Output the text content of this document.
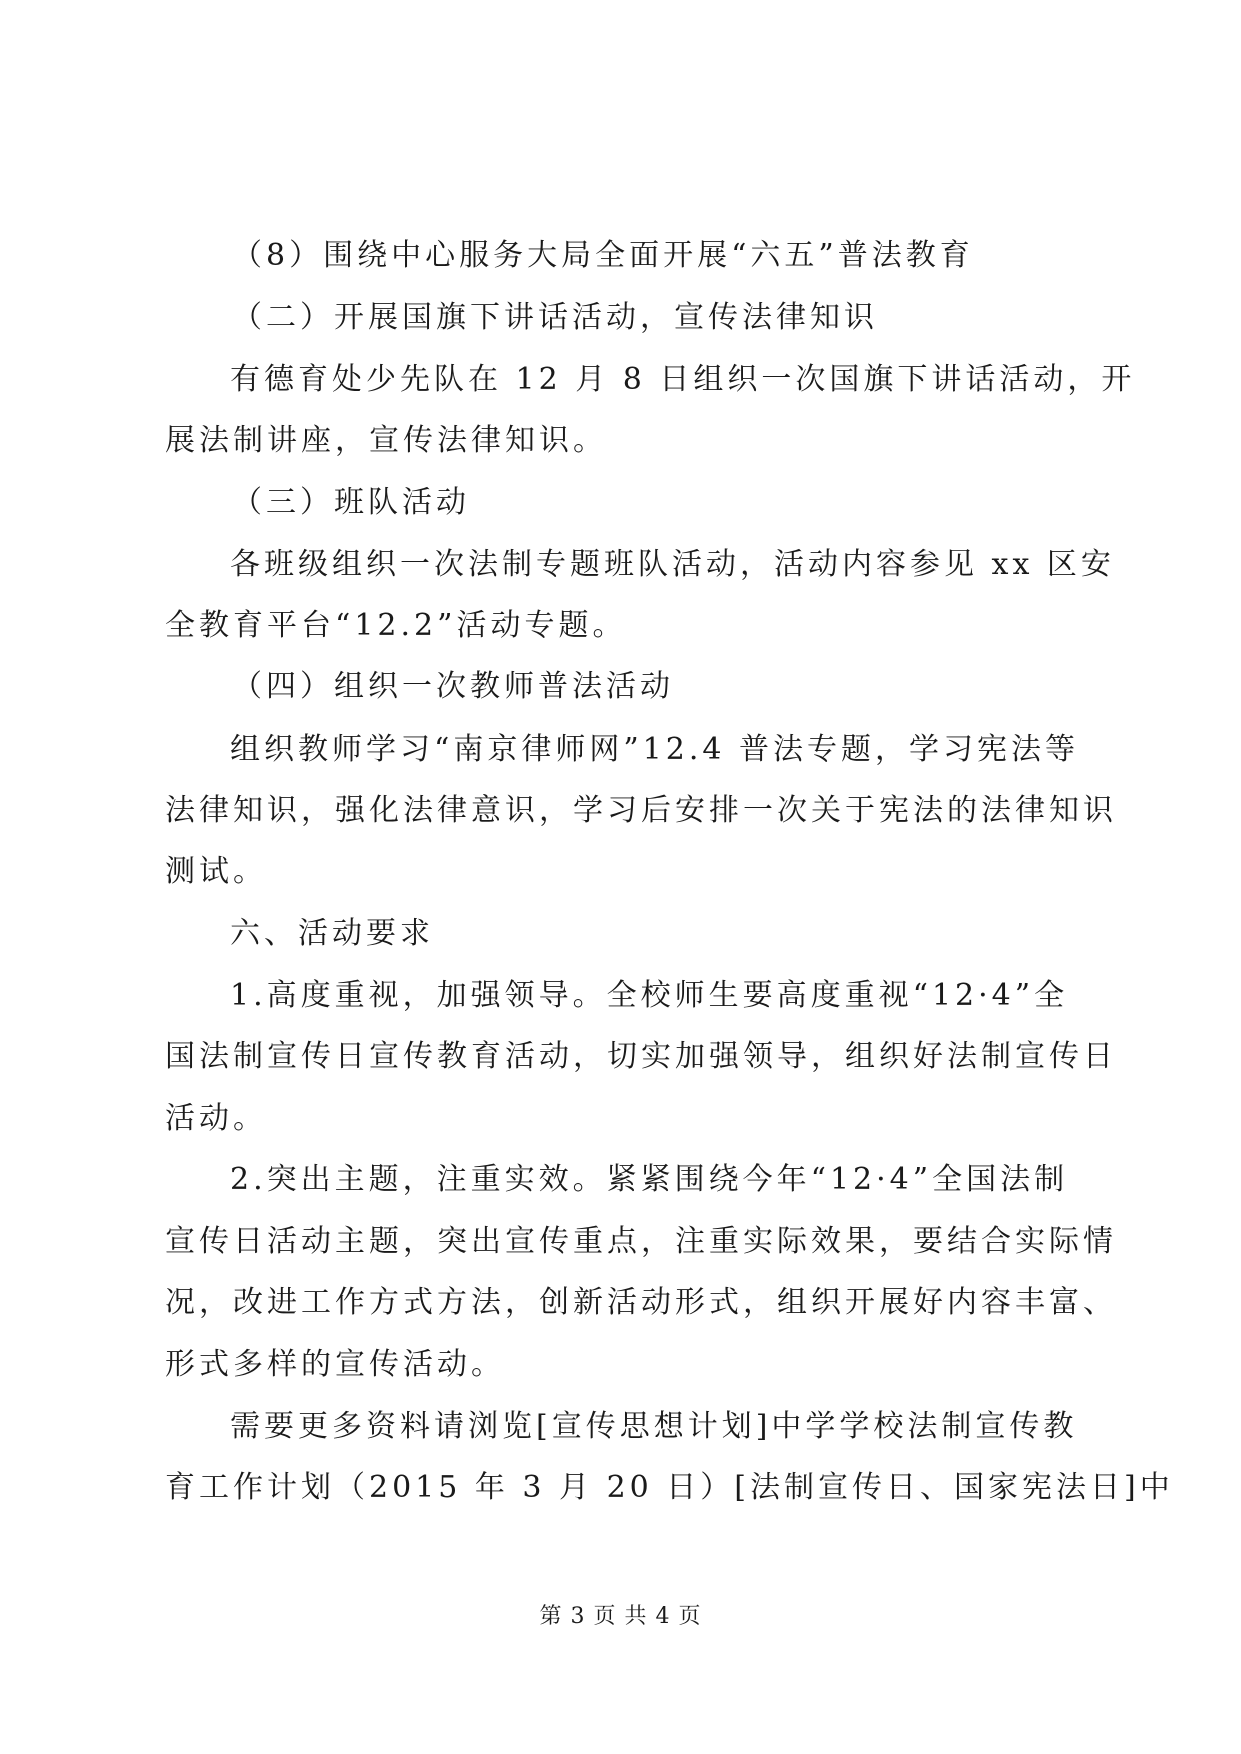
（8）围绕中心服务大局全面开展“六五”普法教育
（二）开展国旗下讲话活动，宣传法律知识
有德育处少先队在 12 月 8 日组织一次国旗下讲话活动，开
展法制讲座，宣传法律知识。
（三）班队活动
各班级组织一次法制专题班队活动，活动内容参见 xx 区安
全教育平台“12.2”活动专题。
（四）组织一次教师普法活动
组织教师学习“南京律师网”12.4 普法专题，学习宪法等
法律知识，强化法律意识，学习后安排一次关于宪法的法律知识
测试。
六、活动要求
1.高度重视，加强领导。全校师生要高度重视“12·4”全
国法制宣传日宣传教育活动，切实加强领导，组织好法制宣传日
活动。
2.突出主题，注重实效。紧紧围绕今年“12·4”全国法制
宣传日活动主题，突出宣传重点，注重实际效果，要结合实际情
况，改进工作方式方法，创新活动形式，组织开展好内容丰富、
形式多样的宣传活动。
需要更多资料请浏览[宣传思想计划]中学学校法制宣传教
育工作计划（2015 年 3 月 20 日）[法制宣传日、国家宪法日]中
第 3 页 共 4 页
